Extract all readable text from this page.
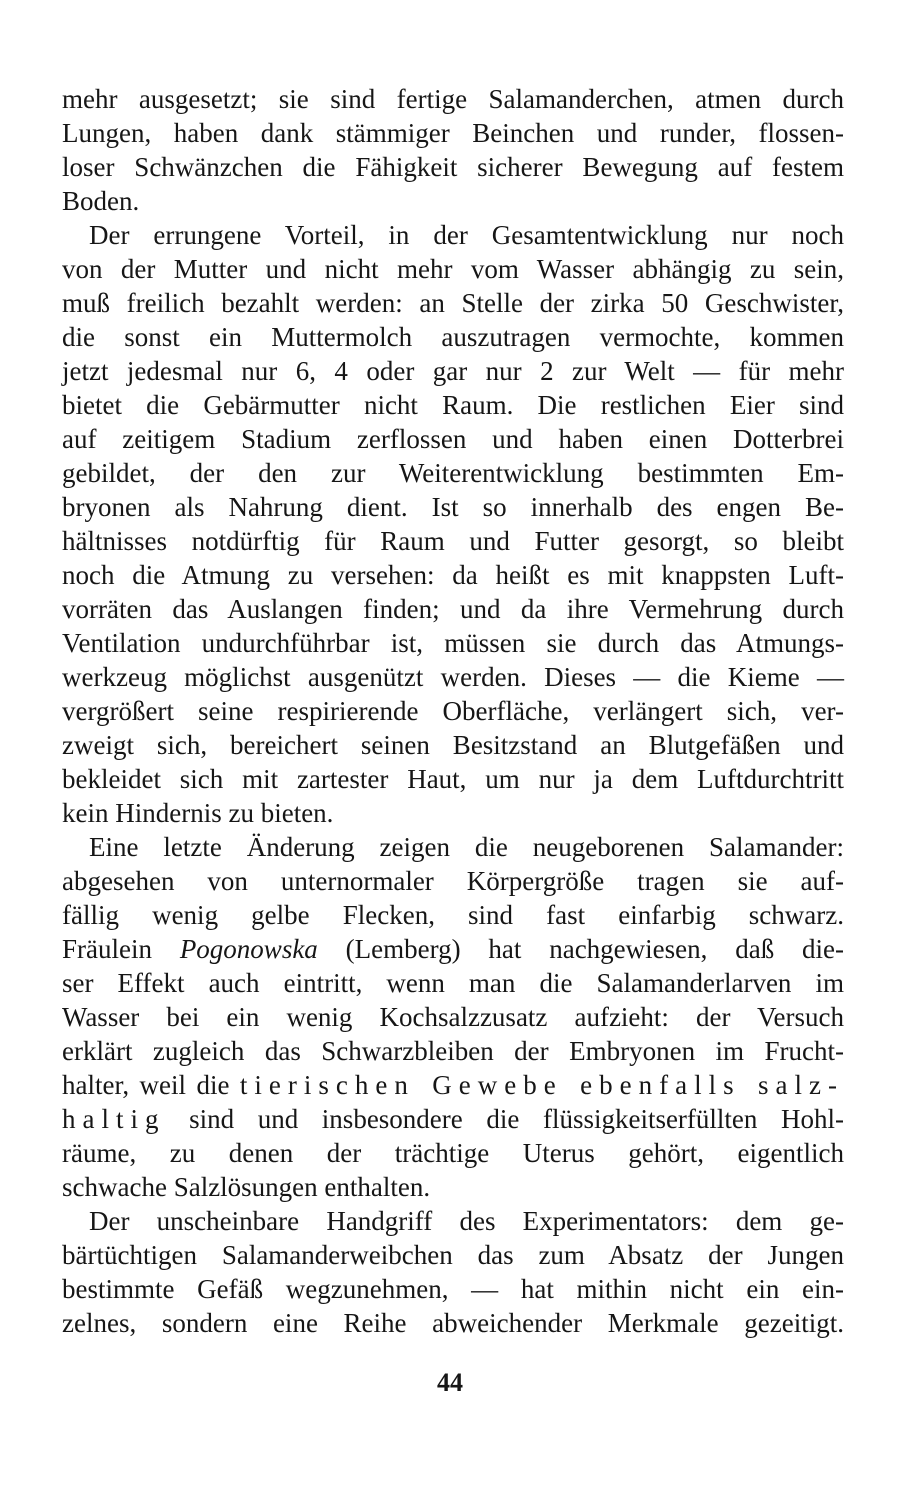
mehr ausgesetzt; sie sind fertige Salamanderchen, atmen durch
Lungen, haben dank stämmiger Beinchen und runder, flossen-
loser Schwänzchen die Fähigkeit sicherer Bewegung auf festem
Boden.
Der errungene Vorteil, in der Gesamtentwicklung nur noch
von der Mutter und nicht mehr vom Wasser abhängig zu sein,
muß freilich bezahlt werden: an Stelle der zirka 50 Geschwister,
die sonst ein Muttermolch auszutragen vermochte, kommen
jetzt jedesmal nur 6, 4 oder gar nur 2 zur Welt — für mehr
bietet die Gebärmutter nicht Raum. Die restlichen Eier sind
auf zeitigem Stadium zerflossen und haben einen Dotterbrei
gebildet, der den zur Weiterentwicklung bestimmten Em-
bryonen als Nahrung dient. Ist so innerhalb des engen Be-
hältnisses notdürftig für Raum und Futter gesorgt, so bleibt
noch die Atmung zu versehen: da heißt es mit knappsten Luft-
vorräten das Auslangen finden; und da ihre Vermehrung durch
Ventilation undurchführbar ist, müssen sie durch das Atmungs-
werkzeug möglichst ausgenützt werden. Dieses — die Kieme —
vergrößert seine respirierende Oberfläche, verlängert sich, ver-
zweigt sich, bereichert seinen Besitzstand an Blutgefäßen und
bekleidet sich mit zartester Haut, um nur ja dem Luftdurchtritt
kein Hindernis zu bieten.
Eine letzte Änderung zeigen die neugeborenen Salamander:
abgesehen von unternormaler Körpergröße tragen sie auf-
fällig wenig gelbe Flecken, sind fast einfarbig schwarz.
Fräulein Pogonowska (Lemberg) hat nachgewiesen, daß die-
ser Effekt auch eintritt, wenn man die Salamanderlarven im
Wasser bei ein wenig Kochsalzzusatz aufzieht: der Versuch
erklärt zugleich das Schwarzbleiben der Embryonen im Frucht-
halter, weil die tierischen Gewebe ebenfalls salz-
haltig sind und insbesondere die flüssigkeitserfüllten Hohl-
räume, zu denen der trächtige Uterus gehört, eigentlich
schwache Salzlösungen enthalten.
Der unscheinbare Handgriff des Experimentators: dem ge-
bärtüchtigen Salamanderweibchen das zum Absatz der Jungen
bestimmte Gefäß wegzunehmen, — hat mithin nicht ein ein-
zelnes, sondern eine Reihe abweichender Merkmale gezeitigt.
44
